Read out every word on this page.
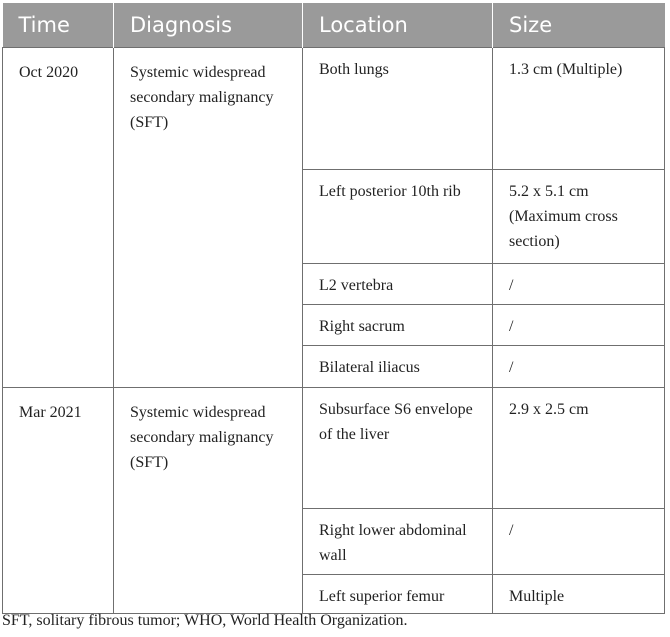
Time	Diagnosis	Location	Size
Oct 2020	Systemic widespread secondary malignancy (SFT)	Both lungs	1.3 cm (Multiple)
		Left posterior 10th rib	5.2 x 5.1 cm (Maximum cross section)
		L2 vertebra	/
		Right sacrum	/
		Bilateral iliacus	/
Mar 2021	Systemic widespread secondary malignancy (SFT)	Subsurface S6 envelope of the liver	2.9 x 2.5 cm
		Right lower abdominal wall	/
		Left superior femur	Multiple
SFT, solitary fibrous tumor; WHO, World Health Organization.
